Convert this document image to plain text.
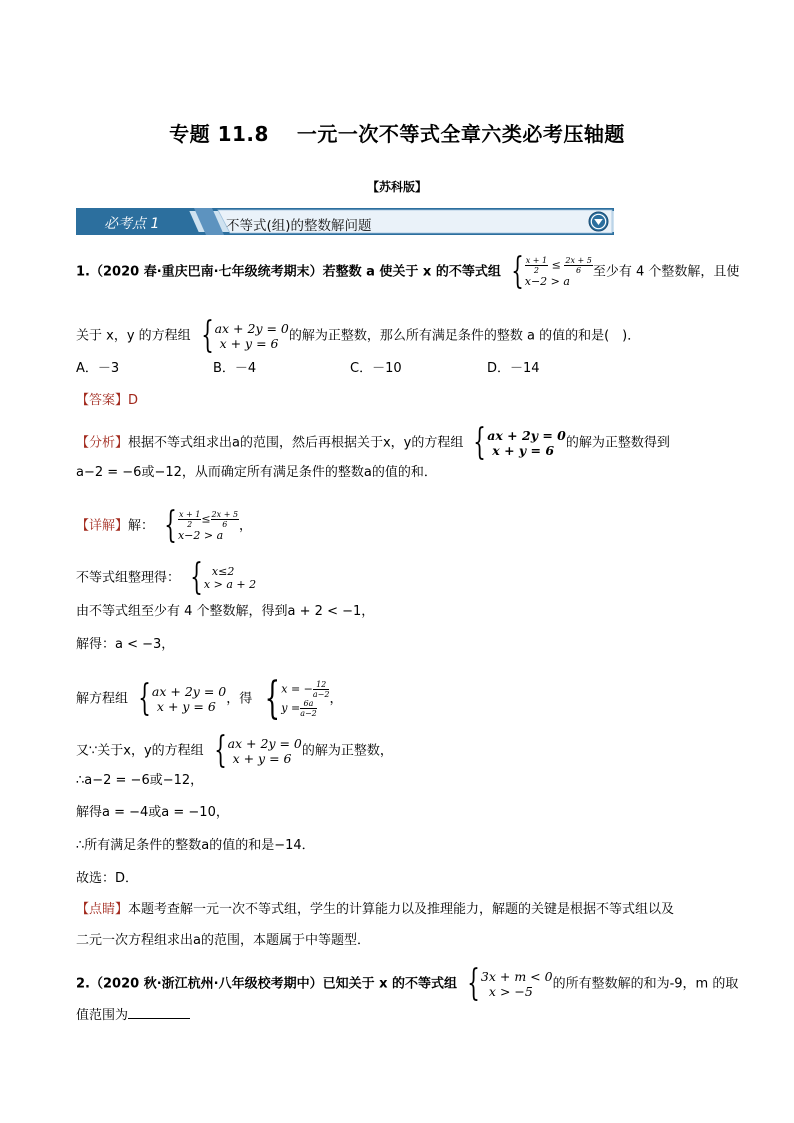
专题 11.8　 一元一次不等式全章六类必考压轴题
【苏科版】
必考点 1	不等式(组)的整数解问题
1.（2020 春·重庆巴南·七年级统考期末）若整数 a 使关于 x 的不等式组 { $\frac{x + 1}{2} \le \frac{2x + 5}{6}$
x−2 > a
至少有 4 个整数解，且使
关于 x，y 的方程组 { ax + 2y = 0
x + y = 6 的解为正整数，那么所有满足条件的整数 a 的值的和是(　)．
A．－3	B．－4	C．－10	D．－14
【答案】D
【分析】根据不等式组求出a的范围，然后再根据关于x，y的方程组 { ax + 2y = 0
x + y = 6 的解为正整数得到
a−2 = −6或−12，从而确定所有满足条件的整数a的值的和．
【详解】解： { $\frac{x + 1}{2} \le \frac{2x + 5}{6}$
x−2 > a
，
不等式组整理得： { x≤2
x > a + 2
由不等式组至少有 4 个整数解，得到a + 2 < −1，
解得：a < −3，
解方程组 { ax + 2y = 0
x + y = 6 ，得 { x = − $\frac{12}{a-2}$
$y = \frac{6a}{a-2}$ ，
又∵关于x，y的方程组 { ax + 2y = 0
x + y = 6 的解为正整数，
∴a−2 = −6或−12，
解得a = −4或a = −10，
∴所有满足条件的整数a的值的和是−14．
故选：D．
【点睛】本题考查解一元一次不等式组，学生的计算能力以及推理能力，解题的关键是根据不等式组以及
二元一次方程组求出a的范围，本题属于中等题型．
2.（2020 秋·浙江杭州·八年级校考期中）已知关于 x 的不等式组 { 3x + m < 0
x > −5	的所有整数解的和为-9，m 的取
值范围为
